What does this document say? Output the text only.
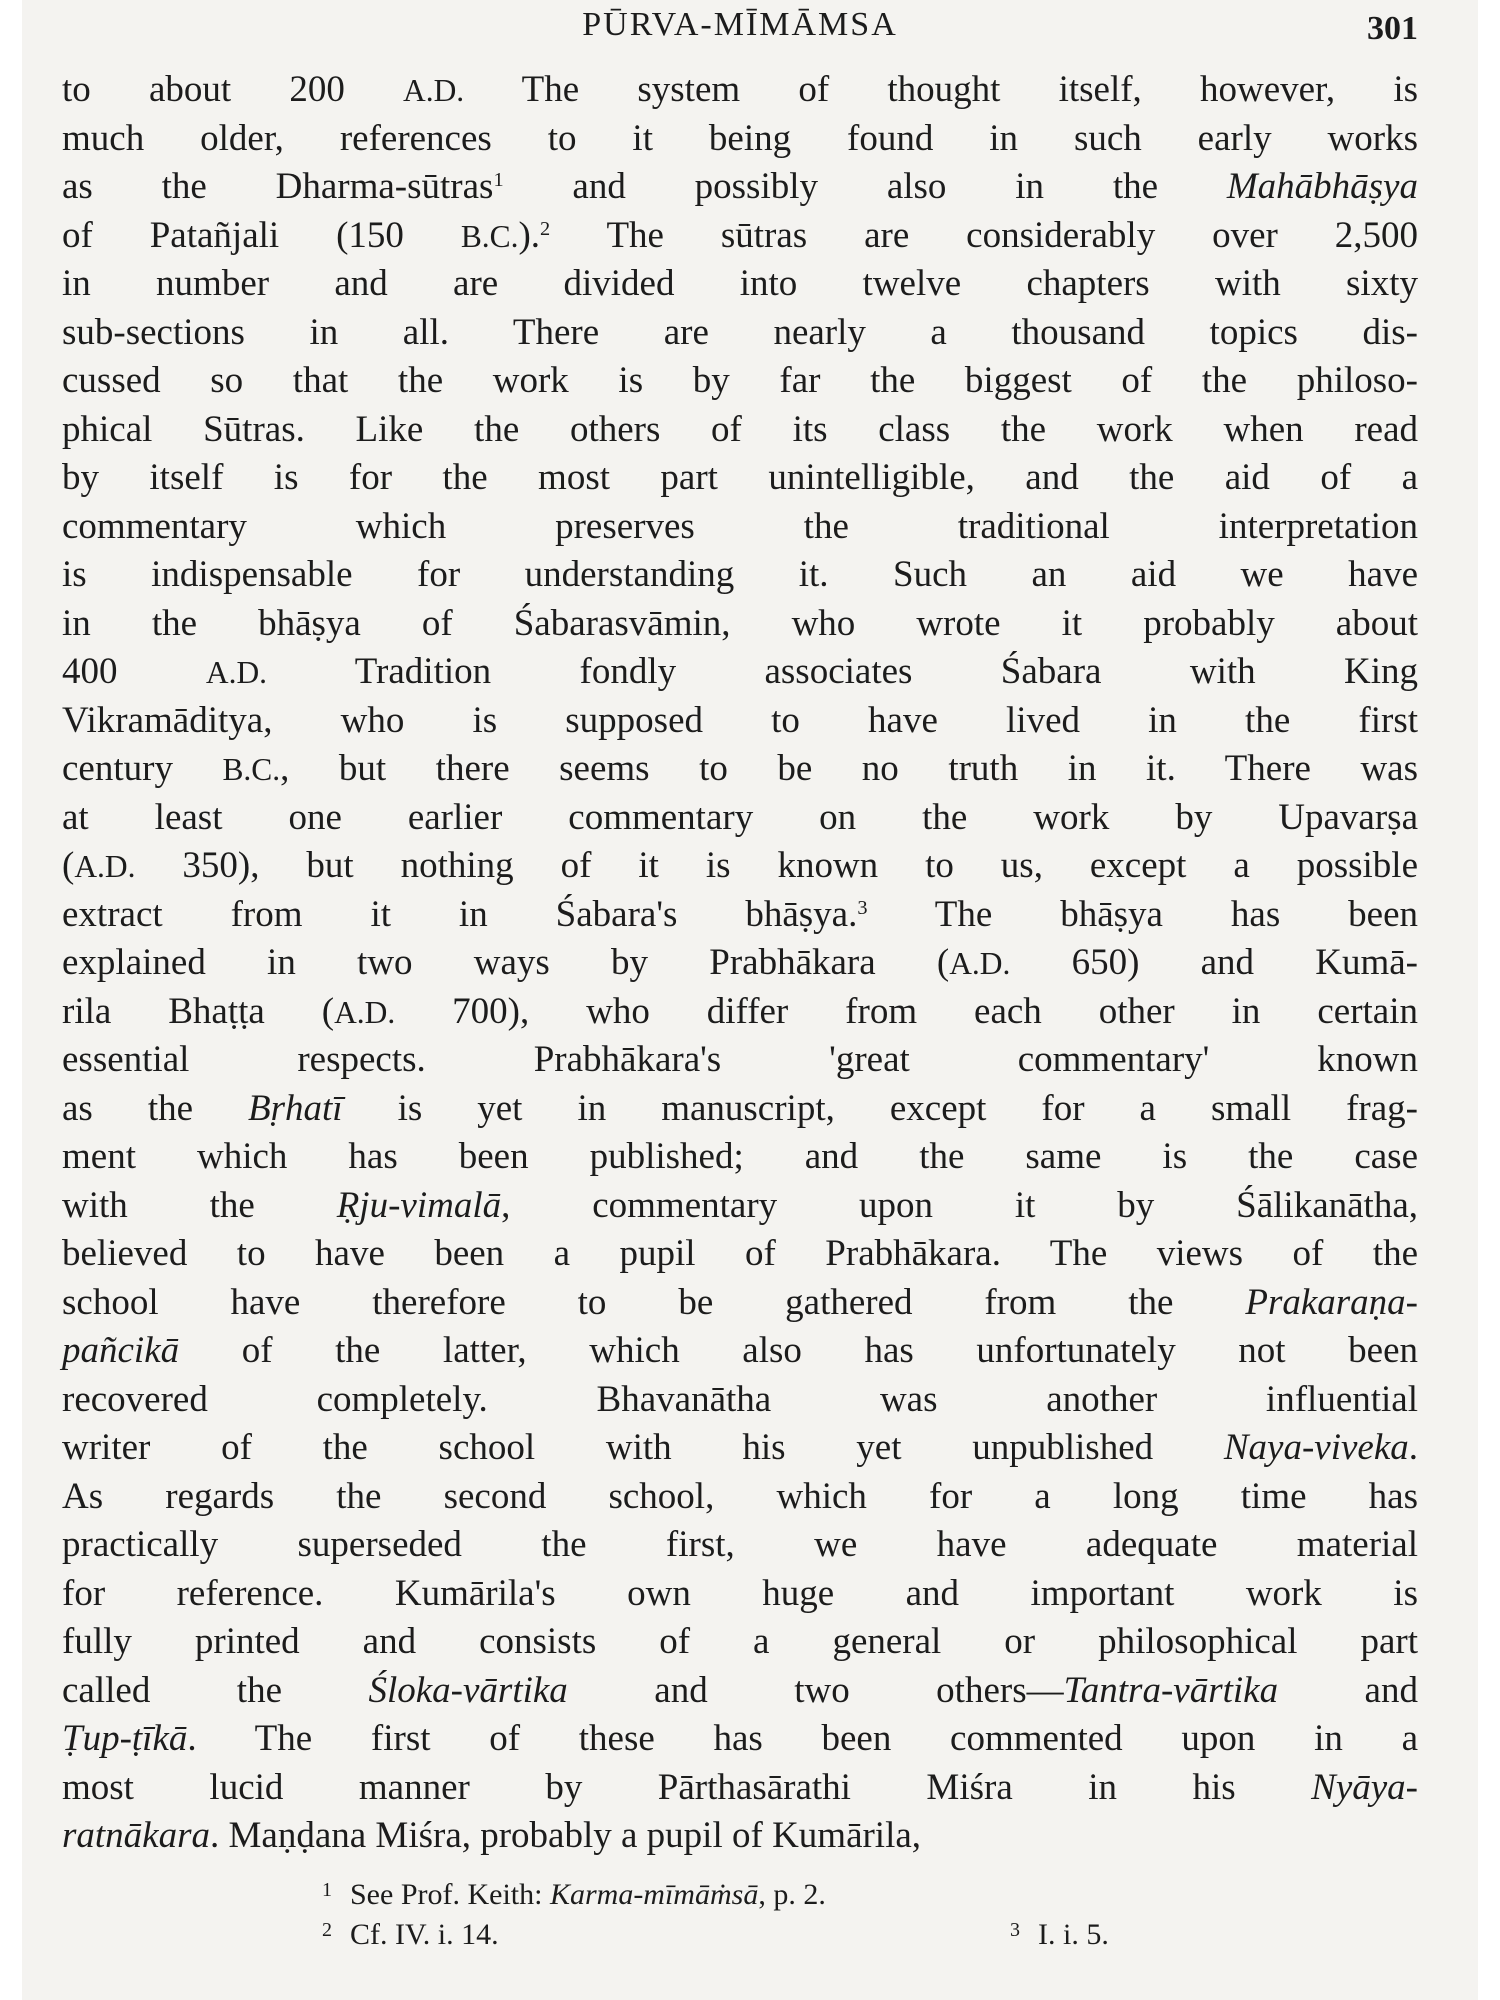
PŪRVA-MĪMĀMSA	301
to about 200 A.D. The system of thought itself, however, is
much older, references to it being found in such early works
as the Dharma-sūtras$^1$ and possibly also in the Mahābhāṣya
of Patañjali (150 B.C.).$^2$ The sūtras are considerably over 2,500
in number and are divided into twelve chapters with sixty
sub-sections in all. There are nearly a thousand topics dis-
cussed so that the work is by far the biggest of the philoso-
phical Sūtras. Like the others of its class the work when read
by itself is for the most part unintelligible, and the aid of a
commentary which preserves the traditional interpretation
is indispensable for understanding it. Such an aid we have
in the bhāṣya of Śabarasvāmin, who wrote it probably about
400 A.D. Tradition fondly associates Śabara with King
Vikramāditya, who is supposed to have lived in the first
century B.C., but there seems to be no truth in it. There was
at least one earlier commentary on the work by Upavarṣa
(A.D. 350), but nothing of it is known to us, except a possible
extract from it in Śabara's bhāṣya.$^3$ The bhāṣya has been
explained in two ways by Prabhākara (A.D. 650) and Kumā-
rila Bhaṭṭa (A.D. 700), who differ from each other in certain
essential respects. Prabhākara's 'great commentary' known
as the Bṛhatī is yet in manuscript, except for a small frag-
ment which has been published; and the same is the case
with the Ṛju-vimalā, commentary upon it by Śālikanātha,
believed to have been a pupil of Prabhākara. The views of the
school have therefore to be gathered from the Prakaraṇa-
pañcikā of the latter, which also has unfortunately not been
recovered completely. Bhavanātha was another influential
writer of the school with his yet unpublished Naya-viveka.
As regards the second school, which for a long time has
practically superseded the first, we have adequate material
for reference. Kumārila's own huge and important work is
fully printed and consists of a general or philosophical part
called the Śloka-vārtika and two others—Tantra-vārtika and
Ṭup-ṭīkā. The first of these has been commented upon in a
most lucid manner by Pārthasārathi Miśra in his Nyāya-
ratnākara. Maṇḍana Miśra, probably a pupil of Kumārila,
1 See Prof. Keith: Karma-mīmāṁsā, p. 2.
2 Cf. IV. i. 14.	3 I. i. 5.
